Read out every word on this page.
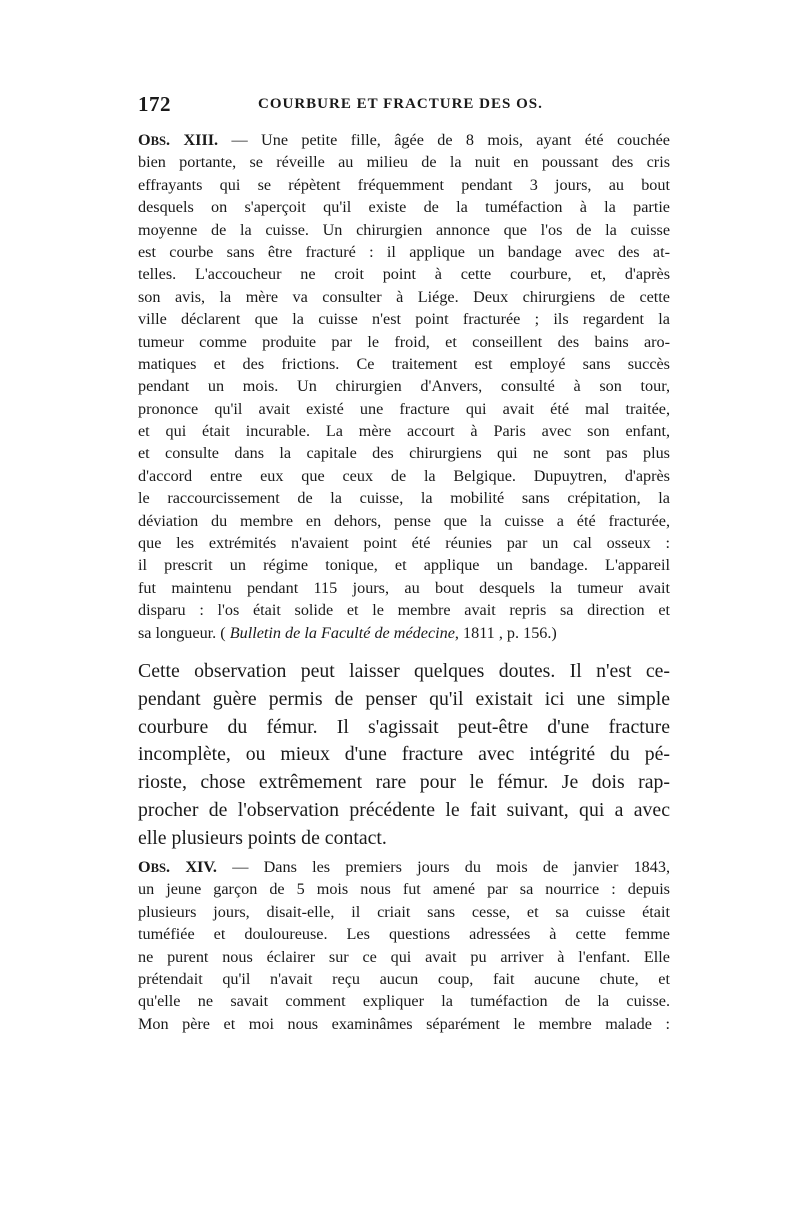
172	COURBURE ET FRACTURE DES OS.
OBS. XIII. — Une petite fille, âgée de 8 mois, ayant été couchée
bien portante, se réveille au milieu de la nuit en poussant des cris
effrayants qui se répètent fréquemment pendant 3 jours, au bout
desquels on s'aperçoit qu'il existe de la tuméfaction à la partie
moyenne de la cuisse. Un chirurgien annonce que l'os de la cuisse
est courbe sans être fracturé : il applique un bandage avec des at-
telles. L'accoucheur ne croit point à cette courbure, et, d'après
son avis, la mère va consulter à Liége. Deux chirurgiens de cette
ville déclarent que la cuisse n'est point fracturée ; ils regardent la
tumeur comme produite par le froid, et conseillent des bains aro-
matiques et des frictions. Ce traitement est employé sans succès
pendant un mois. Un chirurgien d'Anvers, consulté à son tour,
prononce qu'il avait existé une fracture qui avait été mal traitée,
et qui était incurable. La mère accourt à Paris avec son enfant,
et consulte dans la capitale des chirurgiens qui ne sont pas plus
d'accord entre eux que ceux de la Belgique. Dupuytren, d'après
le raccourcissement de la cuisse, la mobilité sans crépitation, la
déviation du membre en dehors, pense que la cuisse a été fracturée,
que les extrémités n'avaient point été réunies par un cal osseux :
il prescrit un régime tonique, et applique un bandage. L'appareil
fut maintenu pendant 115 jours, au bout desquels la tumeur avait
disparu : l'os était solide et le membre avait repris sa direction et
sa longueur. ( Bulletin de la Faculté de médecine, 1811 , p. 156.)
Cette observation peut laisser quelques doutes. Il n'est ce-
pendant guère permis de penser qu'il existait ici une simple
courbure du fémur. Il s'agissait peut-être d'une fracture
incomplète, ou mieux d'une fracture avec intégrité du pé-
rioste, chose extrêmement rare pour le fémur. Je dois rap-
procher de l'observation précédente le fait suivant, qui a avec
elle plusieurs points de contact.
OBS. XIV. — Dans les premiers jours du mois de janvier 1843,
un jeune garçon de 5 mois nous fut amené par sa nourrice : depuis
plusieurs jours, disait-elle, il criait sans cesse, et sa cuisse était
tuméfiée et douloureuse. Les questions adressées à cette femme
ne purent nous éclairer sur ce qui avait pu arriver à l'enfant. Elle
prétendait qu'il n'avait reçu aucun coup, fait aucune chute, et
qu'elle ne savait comment expliquer la tuméfaction de la cuisse.
Mon père et moi nous examinâmes séparément le membre malade :
